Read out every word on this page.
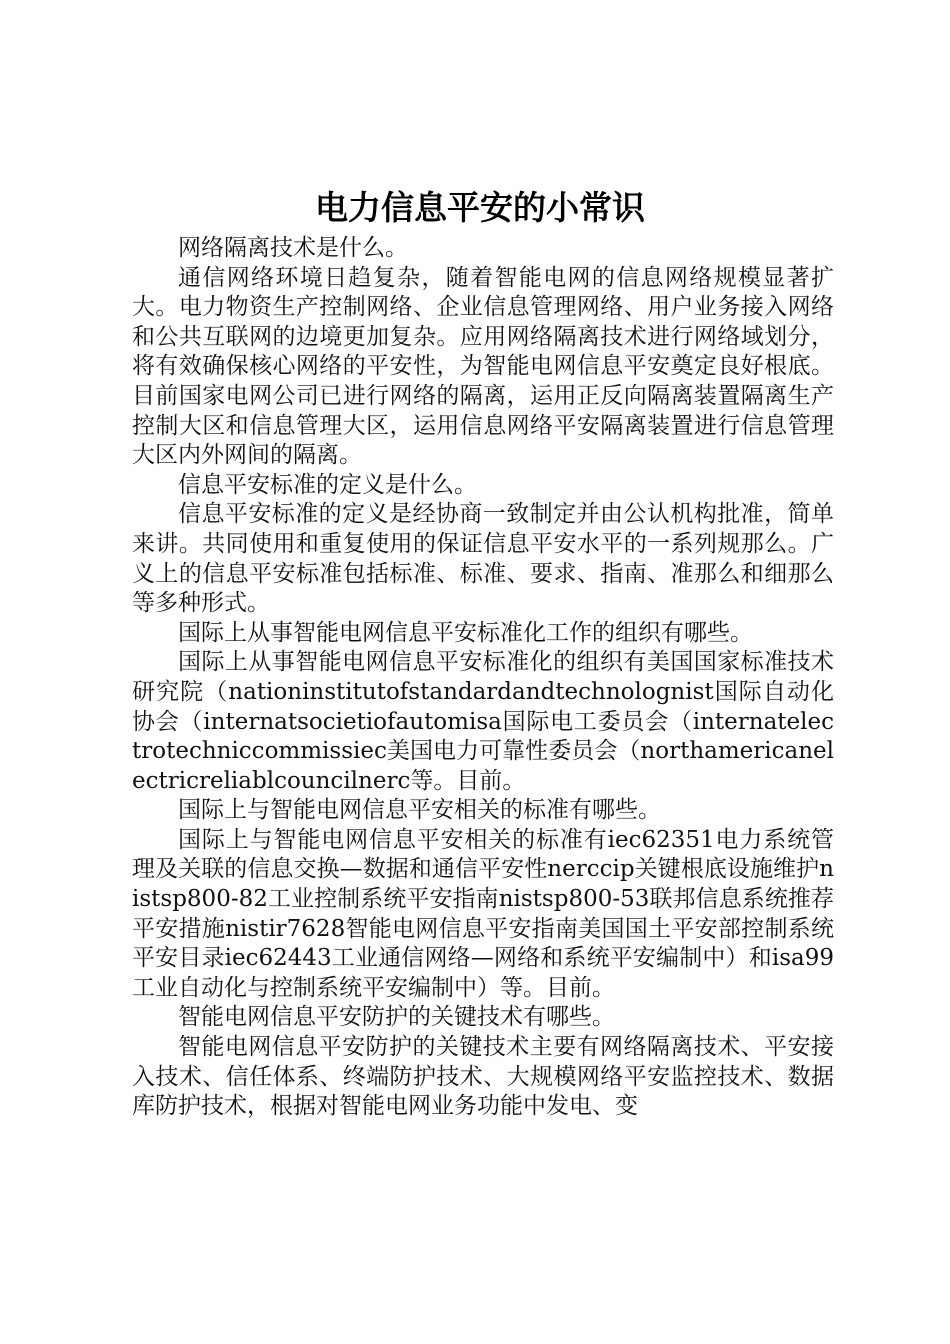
电力信息平安的小常识

网络隔离技术是什么。

通信网络环境日趋复杂，随着智能电网的信息网络规模显著扩大。电力物资生产控制网络、企业信息管理网络、用户业务接入网络和公共互联网的边境更加复杂。应用网络隔离技术进行网络域划分，将有效确保核心网络的平安性，为智能电网信息平安奠定良好根底。目前国家电网公司已进行网络的隔离，运用正反向隔离装置隔离生产控制大区和信息管理大区，运用信息网络平安隔离装置进行信息管理大区内外网间的隔离。

信息平安标准的定义是什么。

信息平安标准的定义是经协商一致制定并由公认机构批准，简单来讲。共同使用和重复使用的保证信息平安水平的一系列规那么。广义上的信息平安标准包括标准、标准、要求、指南、准那么和细那么等多种形式。

国际上从事智能电网信息平安标准化工作的组织有哪些。

国际上从事智能电网信息平安标准化的组织有美国国家标准技术研究院（nationinstitutofstandardandtechnolognist国际自动化协会（internatsocietiofautomisa国际电工委员会（internatelectrotechniccommissiec美国电力可靠性委员会（northamericanelectricreliablcouncilnerc等。目前。

国际上与智能电网信息平安相关的标准有哪些。

国际上与智能电网信息平安相关的标准有iec62351电力系统管理及关联的信息交换—数据和通信平安性nerccip关键根底设施维护nistsp800-82工业控制系统平安指南nistsp800-53联邦信息系统推荐平安措施nistir7628智能电网信息平安指南美国国土平安部控制系统平安目录iec62443工业通信网络—网络和系统平安编制中）和isa99工业自动化与控制系统平安编制中）等。目前。

智能电网信息平安防护的关键技术有哪些。

智能电网信息平安防护的关键技术主要有网络隔离技术、平安接入技术、信任体系、终端防护技术、大规模网络平安监控技术、数据库防护技术，根据对智能电网业务功能中发电、变
